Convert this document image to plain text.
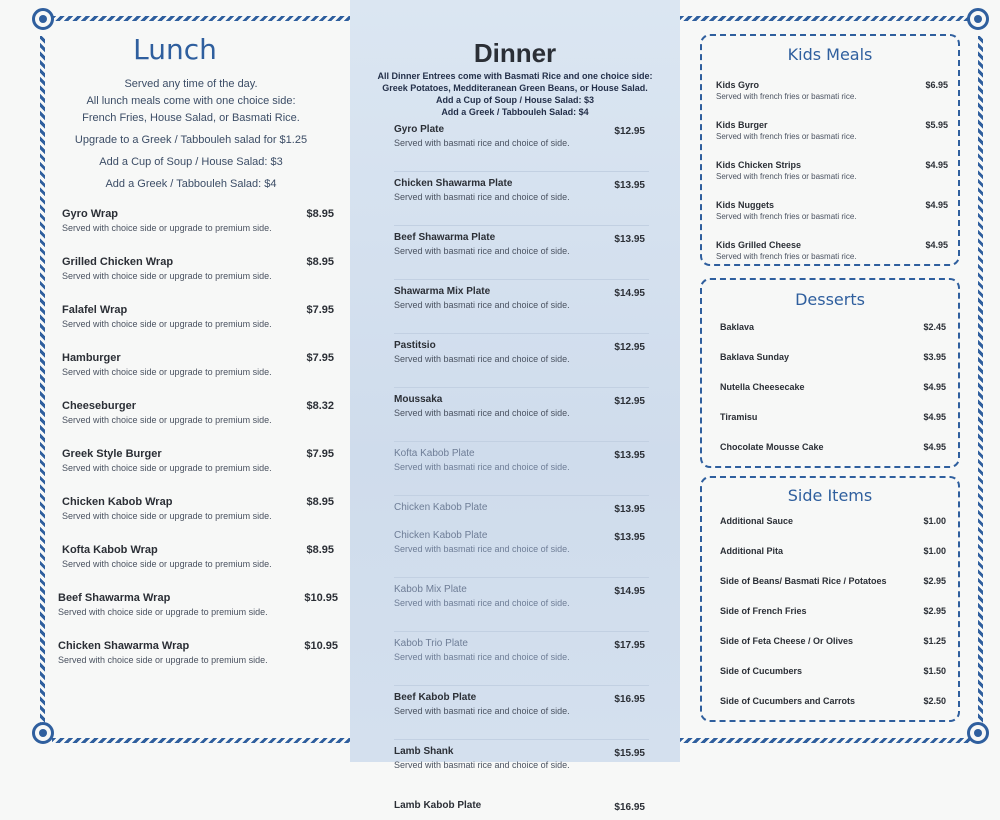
Lunch
Served any time of the day.
All lunch meals come with one choice side:
French Fries, House Salad, or Basmati Rice.
Upgrade to a Greek / Tabbouleh salad for $1.25
Add a Cup of Soup / House Salad: $3
Add a Greek / Tabbouleh Salad: $4
Gyro Wrap	$8.95
Served with choice side or upgrade to premium side.
Grilled Chicken Wrap	$8.95
Served with choice side or upgrade to premium side.
Falafel Wrap	$7.95
Served with choice side or upgrade to premium side.
Hamburger	$7.95
Served with choice side or upgrade to premium side.
Cheeseburger	$8.32
Served with choice side or upgrade to premium side.
Greek Style Burger	$7.95
Served with choice side or upgrade to premium side.
Chicken Kabob Wrap	$8.95
Served with choice side or upgrade to premium side.
Kofta Kabob Wrap	$8.95
Served with choice side or upgrade to premium side.
Beef Shawarma Wrap	$10.95
Served with choice side or upgrade to premium side.
Chicken Shawarma Wrap	$10.95
Served with choice side or upgrade to premium side.
Dinner
All Dinner Entrees come with Basmati Rice and one choice side:
Greek Potatoes, Medditeranean Green Beans, or House Salad.
Add a Cup of Soup / House Salad: $3
Add a Greek / Tabbouleh Salad: $4
Gyro Plate	$12.95
Served with basmati rice and choice of side.
Chicken Shawarma Plate	$13.95
Served with basmati rice and choice of side.
Beef Shawarma Plate	$13.95
Served with basmati rice and choice of side.
Shawarma Mix Plate	$14.95
Served with basmati rice and choice of side.
Pastitsio	$12.95
Served with basmati rice and choice of side.
Moussaka	$12.95
Served with basmati rice and choice of side.
Kofta Kabob Plate	$13.95
Served with basmati rice and choice of side.
Chicken Kabob Plate	$13.95
Chicken Kabob Plate	$13.95
Served with basmati rice and choice of side.
Kabob Mix Plate	$14.95
Served with basmati rice and choice of side.
Kabob Trio Plate	$17.95
Served with basmati rice and choice of side.
Beef Kabob Plate	$16.95
Served with basmati rice and choice of side.
Lamb Shank	$15.95
Served with basmati rice and choice of side.
Lamb Kabob Plate	$16.95
Kids Meals
Kids Gyro	$6.95
Served with french fries or basmati rice.
Kids Burger	$5.95
Served with french fries or basmati rice.
Kids Chicken Strips	$4.95
Served with french fries or basmati rice.
Kids Nuggets	$4.95
Served with french fries or basmati rice.
Kids Grilled Cheese	$4.95
Served with french fries or basmati rice.
Desserts
Baklava	$2.45
Baklava Sunday	$3.95
Nutella Cheesecake	$4.95
Tiramisu	$4.95
Chocolate Mousse Cake	$4.95
Side Items
Additional Sauce	$1.00
Additional Pita	$1.00
Side of Beans/ Basmati Rice / Potatoes	$2.95
Side of French Fries	$2.95
Side of Feta Cheese / Or Olives	$1.25
Side of Cucumbers	$1.50
Side of Cucumbers and Carrots	$2.50
